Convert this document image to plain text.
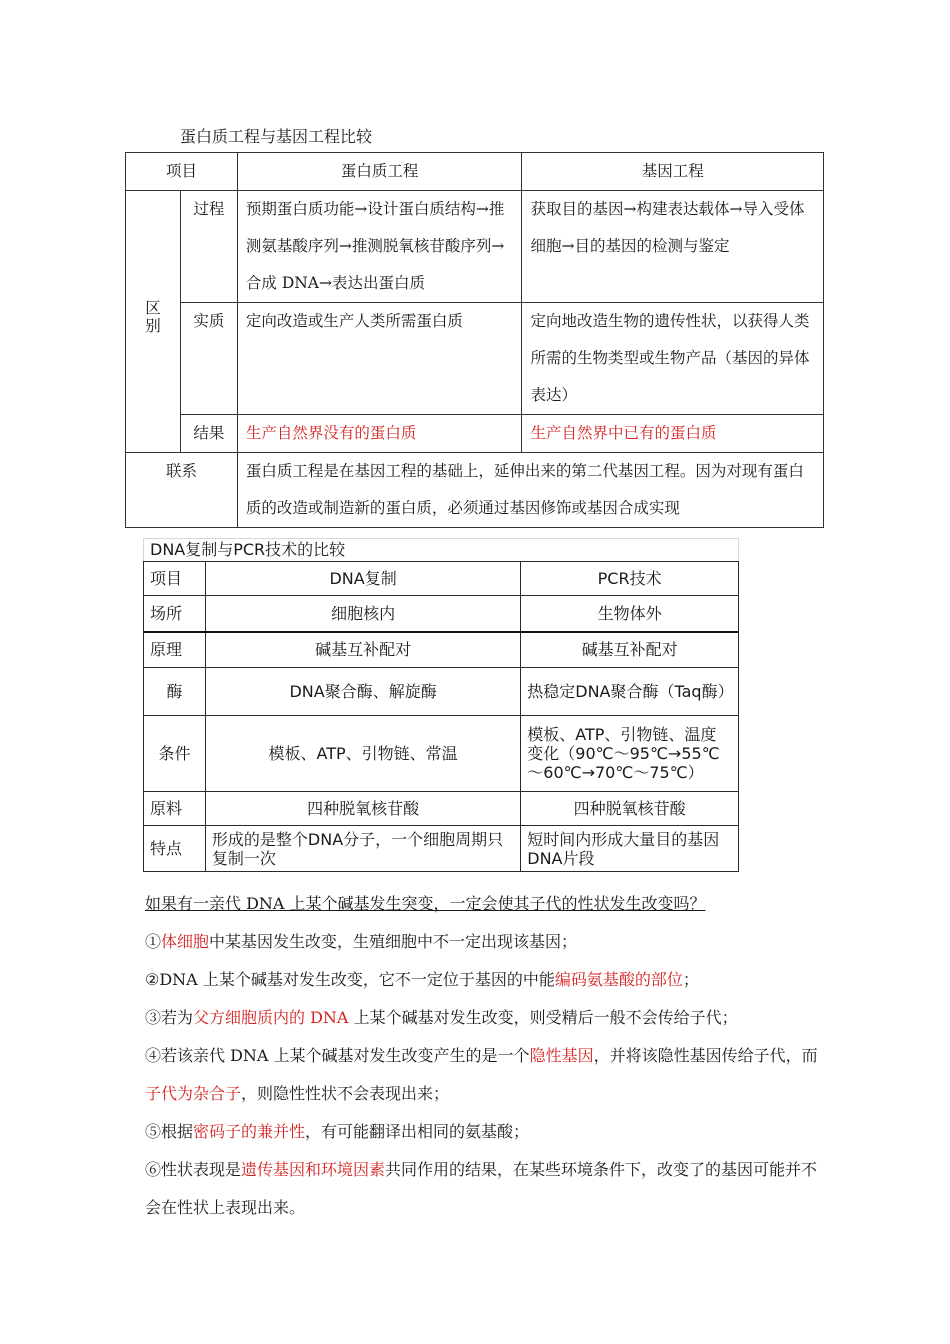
蛋白质工程与基因工程比较
项目		蛋白质工程	基因工程
区别	过程	预期蛋白质功能→设计蛋白质结构→推测氨基酸序列→推测脱氧核苷酸序列→合成 DNA→表达出蛋白质	获取目的基因→构建表达载体→导入受体细胞→目的基因的检测与鉴定
	实质	定向改造或生产人类所需蛋白质	定向地改造生物的遗传性状，以获得人类所需的生物类型或生物产品（基因的异体表达）
	结果	生产自然界没有的蛋白质	生产自然界中已有的蛋白质
联系		蛋白质工程是在基因工程的基础上，延伸出来的第二代基因工程。因为对现有蛋白质的改造或制造新的蛋白质，必须通过基因修饰或基因合成实现	
DNA复制与PCR技术的比较
项目	DNA复制	PCR技术
场所	细胞核内	生物体外
原理	碱基互补配对	碱基互补配对
酶	DNA聚合酶、解旋酶	热稳定DNA聚合酶（Taq酶）
条件	模板、ATP、引物链、常温	模板、ATP、引物链、温度变化（90℃～95℃→55℃～60℃→70℃～75℃）
原料	四种脱氧核苷酸	四种脱氧核苷酸
特点	形成的是整个DNA分子，一个细胞周期只复制一次	短时间内形成大量目的基因DNA片段

如果有一亲代 DNA 上某个碱基发生突变，一定会使其子代的性状发生改变吗？

①体细胞中某基因发生改变，生殖细胞中不一定出现该基因；

②DNA 上某个碱基对发生改变，它不一定位于基因的中能编码氨基酸的部位；

③若为父方细胞质内的 DNA 上某个碱基对发生改变，则受精后一般不会传给子代；

④若该亲代 DNA 上某个碱基对发生改变产生的是一个隐性基因，并将该隐性基因传给子代，而子代为杂合子，则隐性性状不会表现出来；

⑤根据密码子的兼并性，有可能翻译出相同的氨基酸；

⑥性状表现是遗传基因和环境因素共同作用的结果，在某些环境条件下，改变了的基因可能并不会在性状上表现出来。
